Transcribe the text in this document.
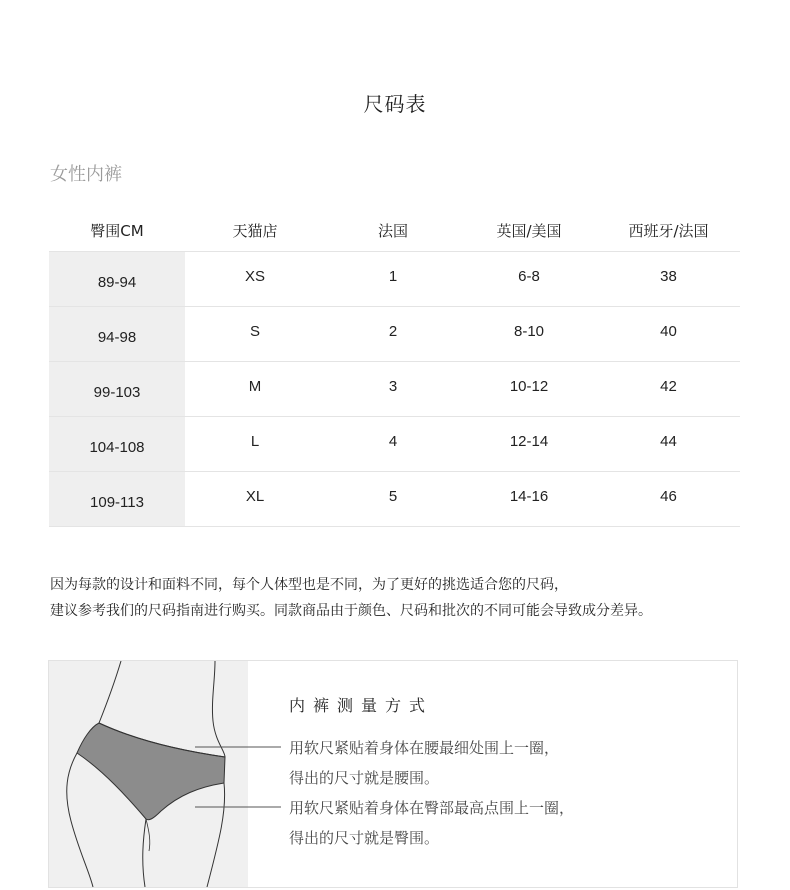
尺码表
女性内裤
臀围CM	天猫店	法国	英国/美国	西班牙/法国
89-94	XS	1	6-8	38
94-98	S	2	8-10	40
99-103	M	3	10-12	42
104-108	L	4	12-14	44
109-113	XL	5	14-16	46
因为每款的设计和面料不同，每个人体型也是不同，为了更好的挑选适合您的尺码，
建议参考我们的尺码指南进行购买。同款商品由于颜色、尺码和批次的不同可能会导致成分差异。
内裤测量方式
用软尺紧贴着身体在腰最细处围上一圈，
得出的尺寸就是腰围。
用软尺紧贴着身体在臀部最高点围上一圈，
得出的尺寸就是臀围。
